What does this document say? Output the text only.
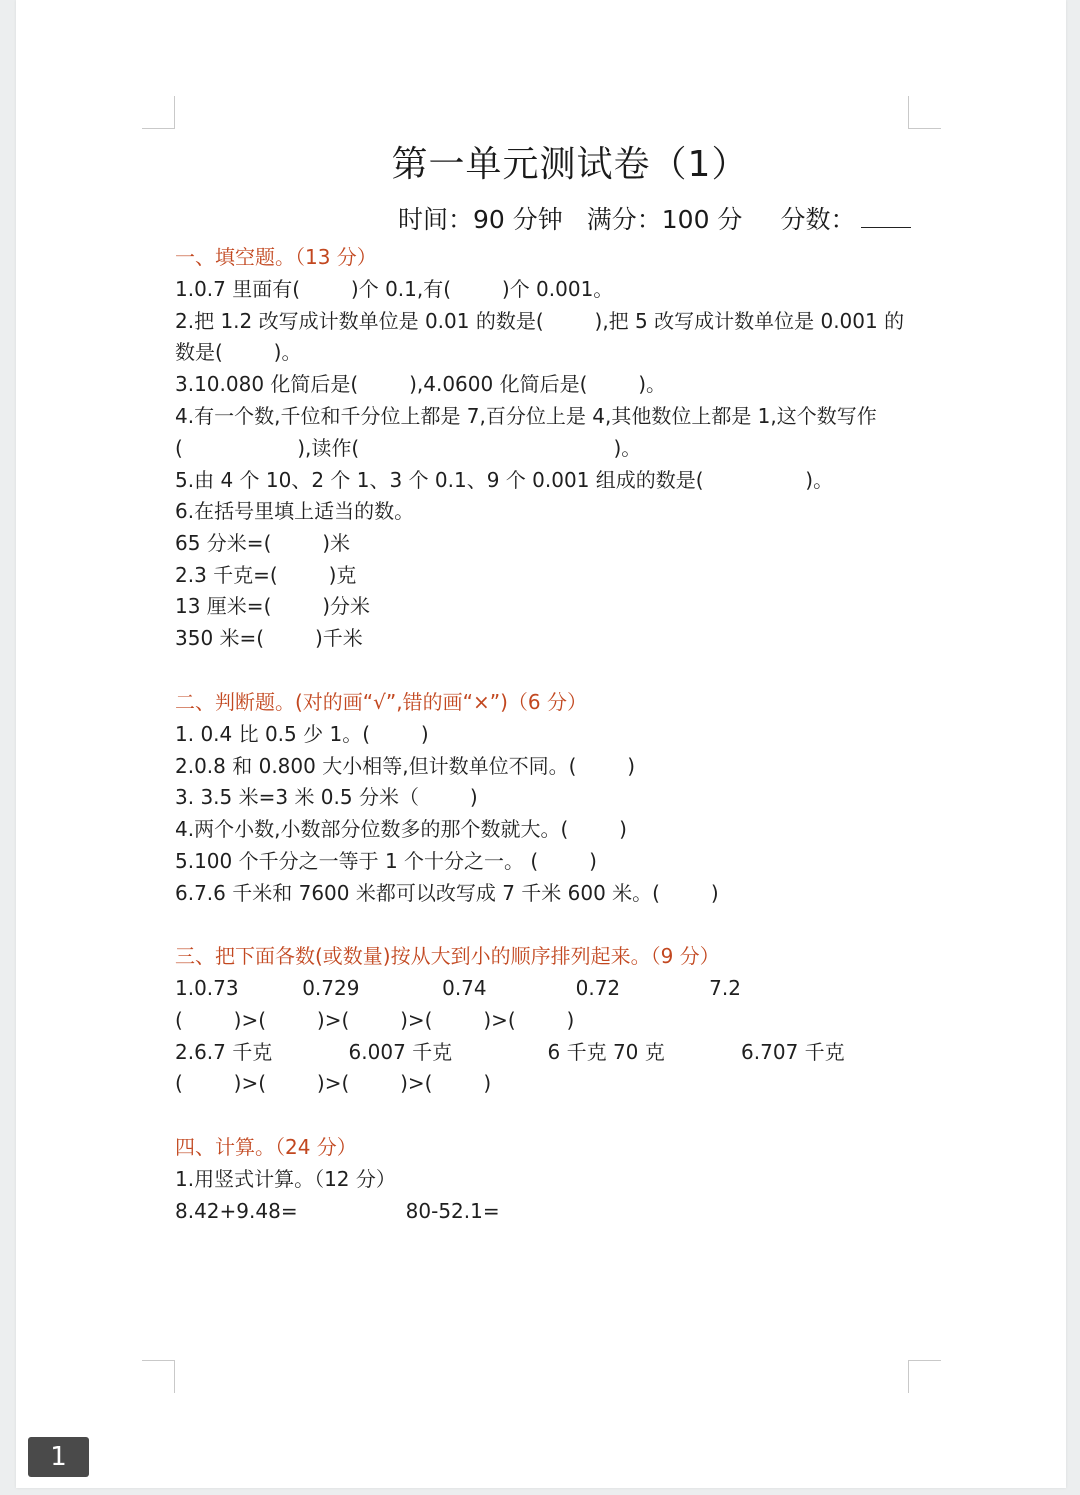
第一单元测试卷（1）
时间：90 分钟 满分：100 分 分数：
一、填空题。（13 分）
1.0.7 里面有(        )个 0.1,有(        )个 0.001。
2.把 1.2 改写成计数单位是 0.01 的数是(        ),把 5 改写成计数单位是 0.001 的
数是(        )。
3.10.080 化简后是(        ),4.0600 化简后是(        )。
4.有一个数,千位和千分位上都是 7,百分位上是 4,其他数位上都是 1,这个数写作
(                  ),读作(                                        )。
5.由 4 个 10、2 个 1、3 个 0.1、9 个 0.001 组成的数是(                )。
6.在括号里填上适当的数。
65 分米=(        )米
2.3 千克=(        )克
13 厘米=(        )分米
350 米=(        )千米
二、判断题。(对的画“√”,错的画“×”)（6 分）
1. 0.4 比 0.5 少 1。(        )
2.0.8 和 0.800 大小相等,但计数单位不同。(        )
3. 3.5 米=3 米 0.5 分米（        )
4.两个小数,小数部分位数多的那个数就大。(        )
5.100 个千分之一等于 1 个十分之一。 (        )
6.7.6 千米和 7600 米都可以改写成 7 千米 600 米。(        )
三、把下面各数(或数量)按从大到小的顺序排列起来。（9 分）
1.0.73          0.729             0.74              0.72              7.2
(        )>(        )>(        )>(        )>(        )
2.6.7 千克            6.007 千克               6 千克 70 克            6.707 千克
(        )>(        )>(        )>(        )
四、计算。（24 分）
1.用竖式计算。（12 分）
8.42+9.48=                 80-52.1=
1
